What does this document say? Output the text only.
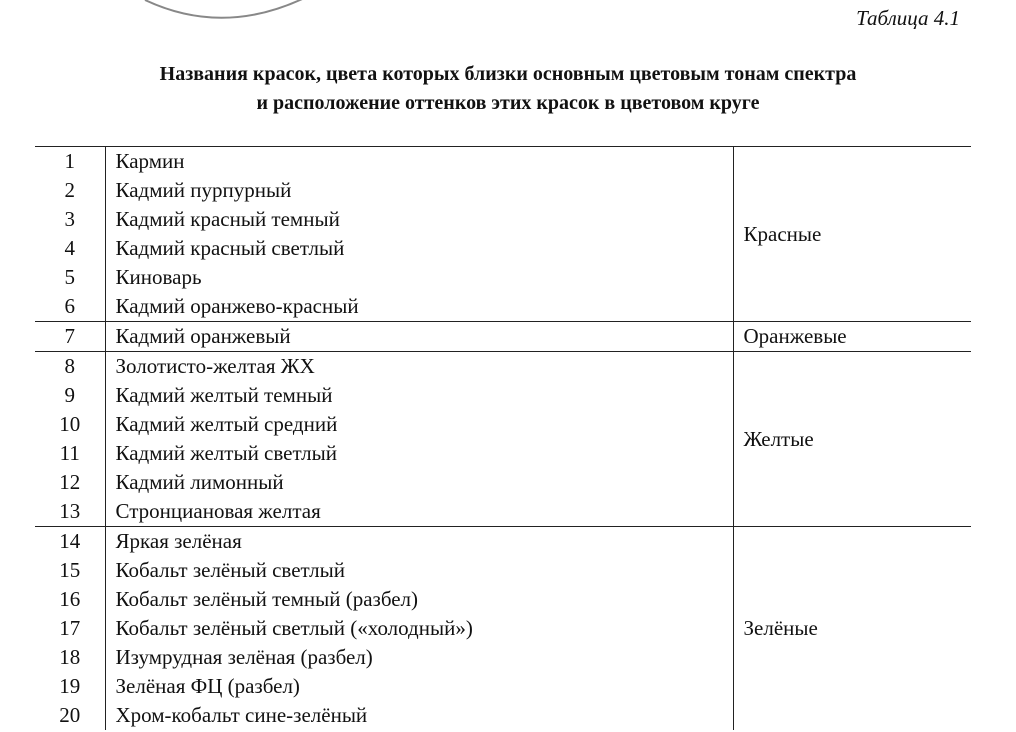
Таблица 4.1
Названия красок, цвета которых близки основным цветовым тонам спектра
и расположение оттенков этих красок в цветовом круге
1	Кармин	Красные
2	Кадмий пурпурный	
3	Кадмий красный темный	
4	Кадмий красный светлый	
5	Киноварь	
6	Кадмий оранжево-красный	
7	Кадмий оранжевый	Оранжевые
8	Золотисто-желтая ЖХ	Желтые
9	Кадмий желтый темный	
10	Кадмий желтый средний	
11	Кадмий желтый светлый	
12	Кадмий лимонный	
13	Стронциановая желтая	
14	Яркая зелёная	Зелёные
15	Кобальт зелёный светлый	
16	Кобальт зелёный темный (разбел)	
17	Кобальт зелёный светлый («холодный»)	
18	Изумрудная зелёная (разбел)	
19	Зелёная ФЦ (разбел)	
20	Хром-кобальт сине-зелёный	
